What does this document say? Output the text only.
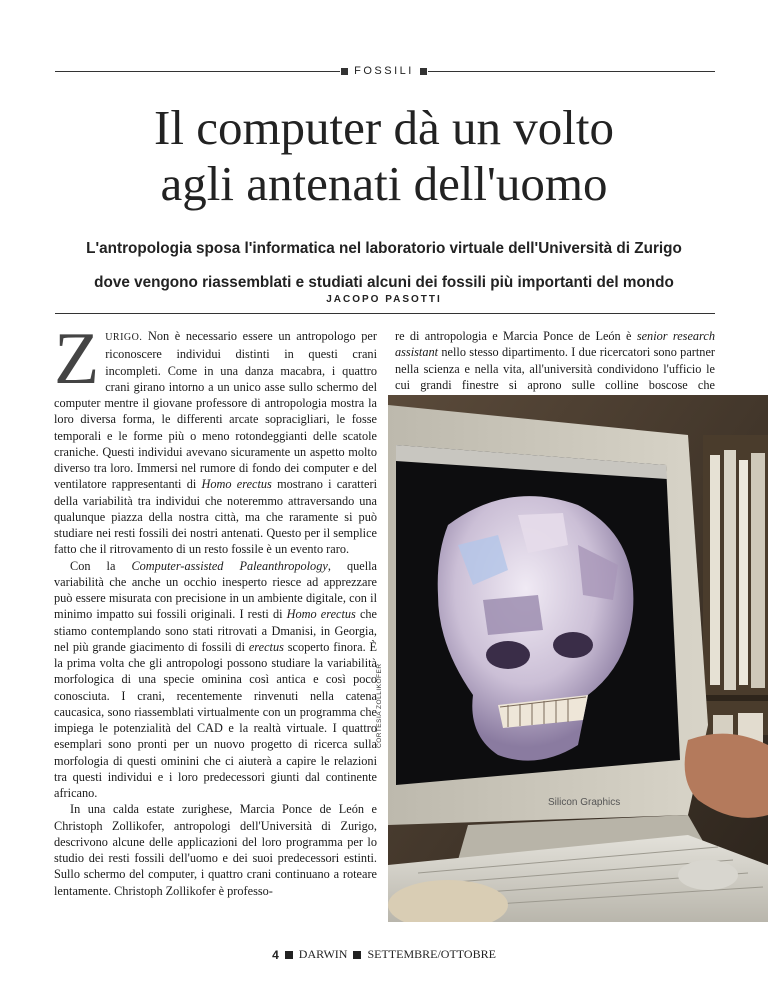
FOSSILI
Il computer dà un volto
agli antenati dell'uomo
L'antropologia sposa l'informatica nel laboratorio virtuale dell'Università di Zurigo
dove vengono riassemblati e studiati alcuni dei fossili più importanti del mondo
JACOPO PASOTTI

ZURIGO. Non è necessario essere un antropologo per riconoscere individui distinti in questi crani incompleti. Come in una danza macabra, i quattro crani girano intorno a un unico asse sullo schermo del computer mentre il giovane professore di antropologia mostra la loro diversa forma, le differenti arcate sopracigliari, le fosse temporali e le forme più o meno rotondeggianti delle scatole craniche. Questi individui avevano sicuramente un aspetto molto diverso tra loro. Immersi nel rumore di fondo dei computer e del ventilatore rappresentanti di Homo erectus mostrano i caratteri della variabilità tra individui che noteremmo attraversando una qualunque piazza della nostra città, ma che raramente si può studiare nei resti fossili dei nostri antenati. Questo per il semplice fatto che il ritrovamento di un resto fossile è un evento raro.

Con la Computer-assisted Paleanthropology, quella variabilità che anche un occhio inesperto riesce ad apprezzare può essere misurata con precisione in un ambiente digitale, con il minimo impatto sui fossili originali. I resti di Homo erectus che stiamo contemplando sono stati ritrovati a Dmanisi, in Georgia, nel più grande giacimento di fossili di erectus scoperto finora. È la prima volta che gli antropologi possono studiare la variabilità morfologica di una specie ominina così antica e così poco conosciuta. I crani, recentemente rinvenuti nella catena caucasica, sono riassemblati virtualmente con un programma che impiega le potenzialità del CAD e la realtà virtuale. I quattro esemplari sono pronti per un nuovo progetto di ricerca sulla morfologia di questi ominini che ci aiuterà a capire le relazioni tra questi individui e i loro predecessori giunti dal continente africano.

In una calda estate zurighese, Marcia Ponce de León e Christoph Zollikofer, antropologi dell'Università di Zurigo, descrivono alcune delle applicazioni del loro programma per lo studio dei resti fossili dell'uomo e dei suoi predecessori estinti. Sullo schermo del computer, i quattro crani continuano a roteare lentamente. Christoph Zollikofer è professo-

re di antropologia e Marcia Ponce de León è senior research assistant nello stesso dipartimento. I due ricercatori sono partner nella scienza e nella vita, all'università condividono l'ufficio le cui grandi finestre si aprono sulle colline boscose che

Silicon Graphics
CORTESIA ZOLLIKOFER
4 DARWIN SETTEMBRE/OTTOBRE
